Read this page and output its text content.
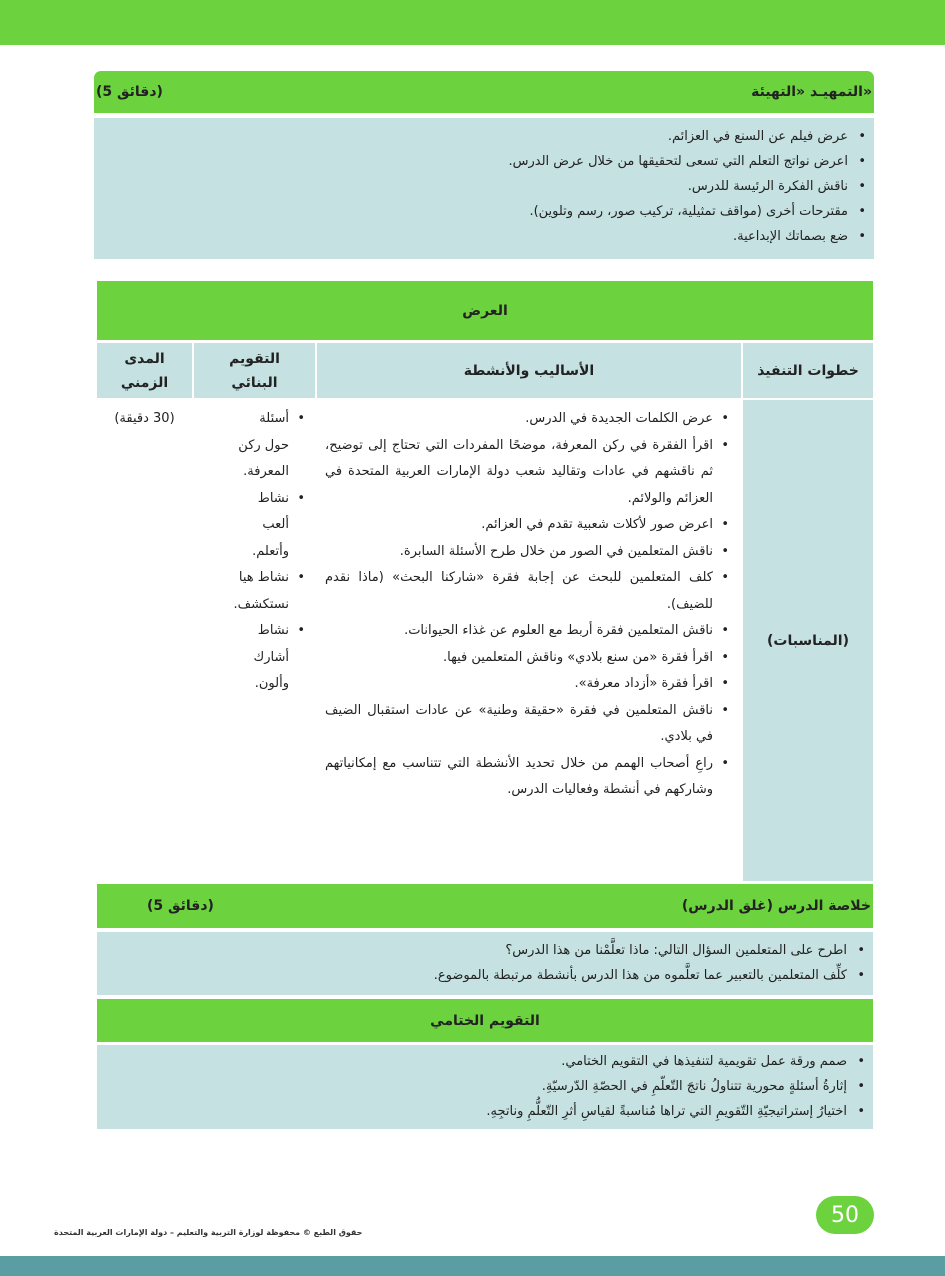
التمهيـد «التهيئة»
(5 دقائق)
• عرض فيلم عن السنع في العزائم.
• اعرض نواتج التعلم التي تسعى لتحقيقها من خلال عرض الدرس.
• ناقش الفكرة الرئيسة للدرس.
• مقترحات أخرى (مواقف تمثيلية، تركيب صور، رسم وتلوين).
• ضع بصماتك الإبداعية.
العرض
خطوات التنفيذ
الأساليب والأنشطة
التقويم
البنائي
المدى
الزمني
(المناسبات)
• عرض الكلمات الجديدة في الدرس.
• اقرأ الفقرة في ركن المعرفة، موضحًا المفردات التي تحتاج إلى توضيح، ثم ناقشهم في عادات وتقاليد شعب دولة الإمارات العربية المتحدة في العزائم والولائم.
• اعرض صور لأكلات شعبية تقدم في العزائم.
• ناقش المتعلمين في الصور من خلال طرح الأسئلة السابرة.
• كلف المتعلمين للبحث عن إجابة فقرة «شاركنا البحث» (ماذا نقدم للضيف).
• ناقش المتعلمين فقرة أربط مع العلوم عن غذاء الحيوانات.
• اقرأ فقرة «من سنع بلادي» وناقش المتعلمين فيها.
• اقرأ فقرة «أزداد معرفة».
• ناقش المتعلمين في فقرة «حقيقة وطنية» عن عادات استقبال الضيف في بلادي.
• راعِ أصحاب الهمم من خلال تحديد الأنشطة التي تتناسب مع إمكانياتهم وشاركهم في أنشطة وفعاليات الدرس.
• أسئلة حول ركن المعرفة.
• نشاط ألعب وأتعلم.
• نشاط هيا نستكشف.
• نشاط أشارك وألون.
(30 دقيقة)
خلاصة الدرس (غلق الدرس)
(5 دقائق)
• اطرح على المتعلمين السؤال التالي: ماذا تعلَّمْنا من هذا الدرس؟
• كلِّف المتعلمين بالتعبير عما تعلَّموه من هذا الدرس بأنشطة مرتبطة بالموضوع.
التقويم الختامي
• صمم ورقة عمل تقويمية لتنفيذها في التقويم الختامي.
• إثارةُ أسئلةٍ محورية تتناولُ ناتجَ التّعلّمِ في الحصّةِ الدّرسيّةِ.
• اختيارُ إستراتيجيّةِ التّقويمِ التي تراها مُناسبةً لقياسِ أثرِ التّعلُّمِ وناتجِهِ.
50
حقوق الطبع © محفوظة لوزارة التربية والتعليم – دولة الإمارات العربية المتحدة
